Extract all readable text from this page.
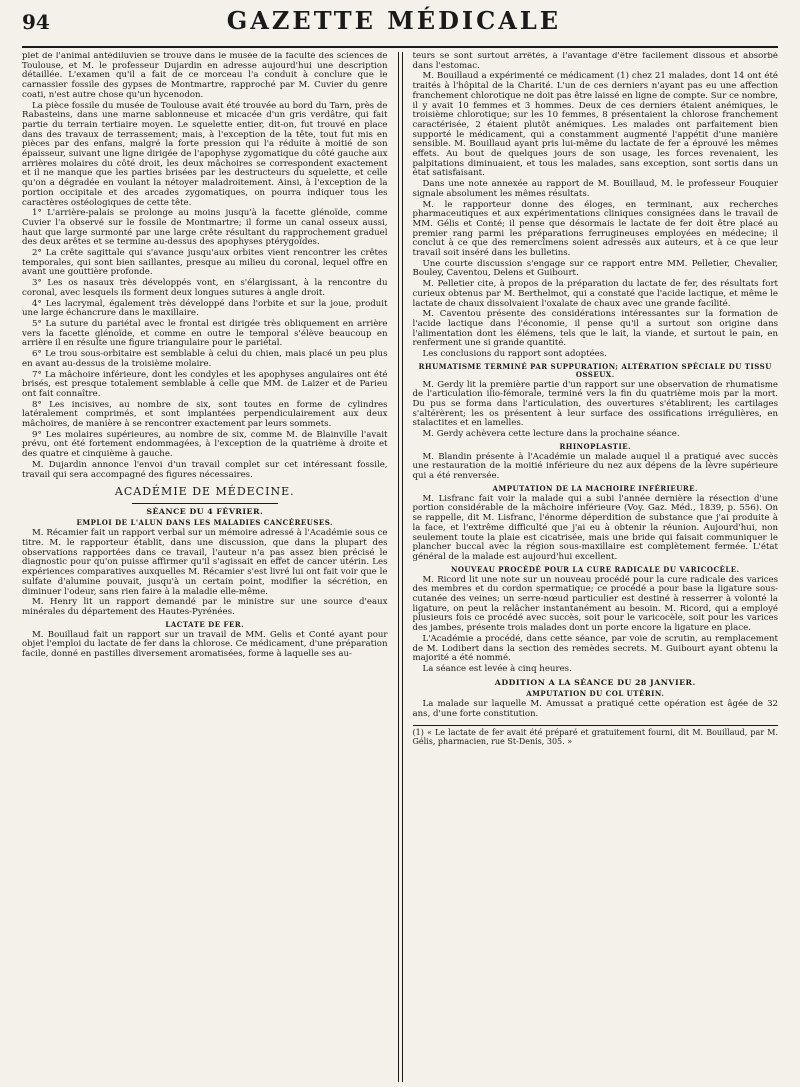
94	GAZETTE MÉDICALE

plet de l'animal antédiluvien se trouve dans le musée de la faculté des sciences de Toulouse, et M. le professeur Dujardin en adresse aujourd'hui une description détaillée. L'examen qu'il a fait de ce morceau l'a conduit à conclure que le carnassier fossile des gypses de Montmartre, rapproché par M. Cuvier du genre coati, n'est autre chose qu'un hycenodon.

La pièce fossile du musée de Toulouse avait été trouvée au bord du Tarn, près de Rabasteins, dans une marne sablonneuse et micacée d'un gris verdâtre, qui fait partie du terrain tertiaire moyen. Le squelette entier, dit-on, fut trouvé en place dans des travaux de terrassement; mais, à l'exception de la tête, tout fut mis en pièces par des enfans, malgré la forte pression qui l'a réduite à moitié de son épaisseur, suivant une ligne dirigée de l'apophyse zygomatique du côté gauche aux arrières molaires du côté droit, les deux mâchoires se correspondent exactement et il ne manque que les parties brisées par les destructeurs du squelette, et celle qu'on a dégradée en voulant la nétoyer maladroitement. Ainsi, à l'exception de la portion occipitale et des arcades zygomatiques, on pourra indiquer tous les caractères ostéologiques de cette tête.

1° L'arrière-palais se prolonge au moins jusqu'à la facette glénoïde, comme Cuvier l'a observé sur le fossile de Montmartre; il forme un canal osseux aussi, haut que large surmonté par une large crête résultant du rapprochement graduel des deux arêtes et se termine au-dessus des apophyses ptérygoïdes.

2° La crête sagittale qui s'avance jusqu'aux orbites vient rencontrer les crêtes temporales, qui sont bien saillantes, presque au milieu du coronal, lequel offre en avant une gouttière profonde.

3° Les os nasaux très développés vont, en s'élargissant, à la rencontre du coronal, avec lesquels ils forment deux longues sutures à angle droit.

4° Les lacrymal, également très développé dans l'orbite et sur la joue, produit une large échancrure dans le maxillaire.

5° La suture du pariétal avec le frontal est dirigée très obliquement en arrière vers la facette glénoïde, et comme en outre le temporal s'élève beaucoup en arrière il en résulte une figure triangulaire pour le pariétal.

6° Le trou sous-orbitaire est semblable à celui du chien, mais placé un peu plus en avant au-dessus de la troisième molaire.

7° La mâchoire inférieure, dont les condyles et les apophyses angulaires ont été brisés, est presque totalement semblable à celle que MM. de Laizer et de Parieu ont fait connaître.

8° Les incisives, au nombre de six, sont toutes en forme de cylindres latéralement comprimés, et sont implantées perpendiculairement aux deux mâchoires, de manière à se rencontrer exactement par leurs sommets.

9° Les molaires supérieures, au nombre de six, comme M. de Blainville l'avait prévu, ont été fortement endommagées, à l'exception de la quatrième à droite et des quatre et cinquième à gauche.

M. Dujardin annonce l'envoi d'un travail complet sur cet intéressant fossile, travail qui sera accompagné des figures nécessaires.

ACADÉMIE DE MÉDECINE.
SÉANCE DU 4 FÉVRIER.
EMPLOI DE L'ALUN DANS LES MALADIES CANCÉREUSES.

M. Récamier fait un rapport verbal sur un mémoire adressé à l'Académie sous ce titre. M. le rapporteur établit, dans une discussion, que dans la plupart des observations rapportées dans ce travail, l'auteur n'a pas assez bien précisé le diagnostic pour qu'on puisse affirmer qu'il s'agissait en effet de cancer utérin. Les expériences comparatives auxquelles M. Récamier s'est livré lui ont fait voir que le sulfate d'alumine pouvait, jusqu'à un certain point, modifier la sécrétion, en diminuer l'odeur, sans rien faire à la maladie elle-même.

M. Henry lit un rapport demandé par le ministre sur une source d'eaux minérales du département des Hautes-Pyrénées.

LACTATE DE FER.

M. Bouillaud fait un rapport sur un travail de MM. Gelis et Conté ayant pour objet l'emploi du lactate de fer dans la chlorose. Ce médicament, d'une préparation facile, donné en pastilles diversement aromatisées, forme à laquelle ses au-

teurs se sont surtout arrêtés, à l'avantage d'être facilement dissous et absorbé dans l'estomac.

M. Bouillaud a expérimenté ce médicament (1) chez 21 malades, dont 14 ont été traités à l'hôpital de la Charité. L'un de ces derniers n'ayant pas eu une affection franchement chlorotique ne doit pas être laissé en ligne de compte. Sur ce nombre, il y avait 10 femmes et 3 hommes. Deux de ces derniers étaient anémiques, le troisième chlorotique; sur les 10 femmes, 8 présentaient la chlorose franchement caractérisée, 2 étaient plutôt anémiques. Les malades ont parfaitement bien supporté le médicament, qui a constamment augmenté l'appétit d'une manière sensible. M. Bouillaud ayant pris lui-même du lactate de fer a éprouvé les mêmes effets. Au bout de quelques jours de son usage, les forces revenaient, les palpitations diminuaient, et tous les malades, sans exception, sont sortis dans un état satisfaisant.

Dans une note annexée au rapport de M. Bouillaud, M. le professeur Fouquier signale absolument les mêmes résultats.

M. le rapporteur donne des éloges, en terminant, aux recherches pharmaceutiques et aux expérimentations cliniques consignées dans le travail de MM. Gélis et Conté; il pense que désormais le lactate de fer doit être placé au premier rang parmi les préparations ferrugineuses employées en médecine; il conclut à ce que des remercîmens soient adressés aux auteurs, et à ce que leur travail soit inséré dans les bulletins.

Une courte discussion s'engage sur ce rapport entre MM. Pelletier, Chevalier, Bouley, Caventou, Delens et Guibourt.

M. Pelletier cite, à propos de la préparation du lactate de fer, des résultats fort curieux obtenus par M. Berthelmot, qui a constaté que l'acide lactique, et même le lactate de chaux dissolvaient l'oxalate de chaux avec une grande facilité.

M. Caventou présente des considérations intéressantes sur la formation de l'acide lactique dans l'économie, il pense qu'il a surtout son origine dans l'alimentation dont les élémens, tels que le lait, la viande, et surtout le pain, en renferment une si grande quantité.

Les conclusions du rapport sont adoptées.

RHUMATISME TERMINÉ PAR SUPPURATION; ALTÉRATION SPÉCIALE DU TISSU OSSEUX.

M. Gerdy lit la première partie d'un rapport sur une observation de rhumatisme de l'articulation ilio-fémorale, terminé vers la fin du quatrième mois par la mort. Du pus se forma dans l'articulation, des ouvertures s'établirent; les cartilages s'altérèrent; les os présentent à leur surface des ossifications irrégulières, en stalactites et en lamelles.

M. Gerdy achèvera cette lecture dans la prochaine séance.

RHINOPLASTIE.

M. Blandin présente à l'Académie un malade auquel il a pratiqué avec succès une restauration de la moitié inférieure du nez aux dépens de la lèvre supérieure qui a été renversée.

AMPUTATION DE LA MACHOIRE INFÉRIEURE.

M. Lisfranc fait voir la malade qui a subi l'année dernière la résection d'une portion considérable de la mâchoire inférieure (Voy. Gaz. Méd., 1839, p. 556). On se rappelle, dit M. Lisfranc, l'énorme déperdition de substance que j'ai produite à la face, et l'extrême difficulté que j'ai eu à obtenir la réunion. Aujourd'hui, non seulement toute la plaie est cicatrisée, mais une bride qui faisait communiquer le plancher buccal avec la région sous-maxillaire est complètement fermée. L'état général de la malade est aujourd'hui excellent.

NOUVEAU PROCÉDÉ POUR LA CURE RADICALE DU VARICOCÈLE.

M. Ricord lit une note sur un nouveau procédé pour la cure radicale des varices des membres et du cordon spermatique; ce procédé a pour base la ligature sous-cutanée des veines; un serre-nœud particulier est destiné à resserrer à volonté la ligature, on peut la relâcher instantanément au besoin. M. Ricord, qui a employé plusieurs fois ce procédé avec succès, soit pour le varicocèle, soit pour les varices des jambes, présente trois malades dont un porte encore la ligature en place.

L'Académie a procédé, dans cette séance, par voie de scrutin, au remplacement de M. Lodibert dans la section des remèdes secrets. M. Guibourt ayant obtenu la majorité a été nommé.

La séance est levée à cinq heures.

ADDITION A LA SÉANCE DU 28 JANVIER.
AMPUTATION DU COL UTÉRIN.

La malade sur laquelle M. Amussat a pratiqué cette opération est âgée de 32 ans, d'une forte constitution.

(1) « Le lactate de fer avait été préparé et gratuitement fourni, dit M. Bouillaud, par M. Gélis, pharmacien, rue St-Denis, 305. »
